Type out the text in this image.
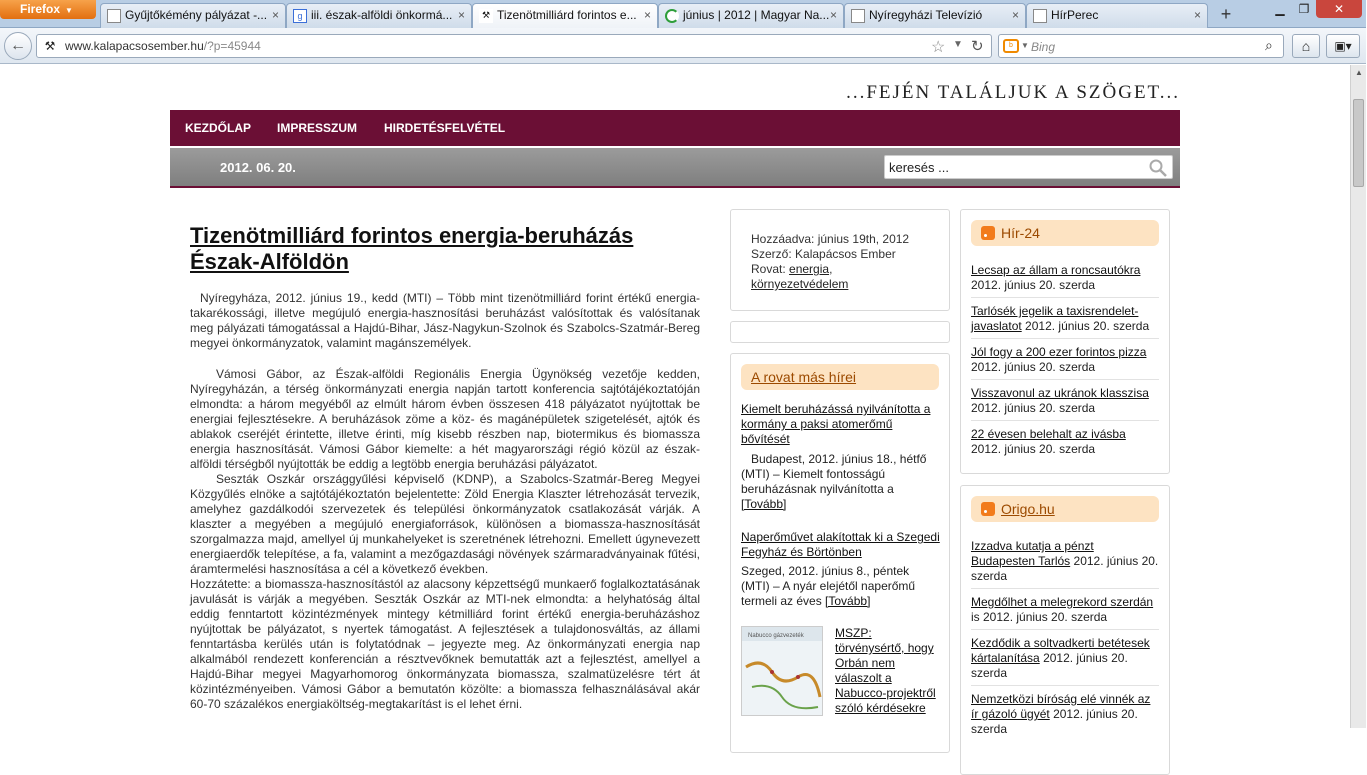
Firefox ▼	Gyűjtőkémény pályázat -... ×	g iii. észak-alföldi önkormá... ×	⚒ Tizenötmilliárd forintos e... ×	június | 2012 | Magyar Na... ×	Nyíregyházi Televízió ×	HírPerec	×	+	▁	❐	✕
←	⚒ www.kalapacsosember.hu/?p=45944	☆ ▼ ↻	b	▼ Bing	⌕	⌂	▣▾
...FEJÉN TALÁLJUK A SZÖGET...
KEZDŐLAP IMPRESSZUM HIRDETÉSFELVÉTEL
2012. 06. 20.	keresés ...
Tizenötmilliárd forintos energia-beruházás Észak-Alföldön

Nyíregyháza, 2012. június 19., kedd (MTI) – Több mint tizenötmilliárd forint értékű energia-takarékossági, illetve megújuló energia-hasznosítási beruházást valósítottak és valósítanak meg pályázati támogatással a Hajdú-Bihar, Jász-Nagykun-Szolnok és Szabolcs-Szatmár-Bereg megyei önkormányzatok, valamint magánszemélyek.

Vámosi Gábor, az Észak-alföldi Regionális Energia Ügynökség vezetője kedden, Nyíregyházán, a térség önkormányzati energia napján tartott konferencia sajtótájékoztatóján elmondta: a három megyéből az elmúlt három évben összesen 418 pályázatot nyújtottak be energiai fejlesztésekre. A beruházások zöme a köz- és magánépületek szigetelését, ajtók és ablakok cseréjét érintette, illetve érinti, míg kisebb részben nap, biotermikus és biomassza energia hasznosítását. Vámosi Gábor kiemelte: a hét magyarországi régió közül az észak-alföldi térségből nyújtották be eddig a legtöbb energia beruházási pályázatot.

Seszták Oszkár országgyűlési képviselő (KDNP), a Szabolcs-Szatmár-Bereg Megyei Közgyűlés elnöke a sajtótájékoztatón bejelentette: Zöld Energia Klaszter létrehozását tervezik, amelyhez gazdálkodói szervezetek és települési önkormányzatok csatlakozását várják. A klaszter a megyében a megújuló energiaforrások, különösen a biomassza-hasznosítását szorgalmazza majd, amellyel új munkahelyeket is szeretnének létrehozni. Emellett úgynevezett energiaerdők telepítése, a fa, valamint a mezőgazdasági növények szármaradványainak fűtési, áramtermelési hasznosítása a cél a következő években.

Hozzátette: a biomassza-hasznosítástól az alacsony képzettségű munkaerő foglalkoztatásának javulását is várják a megyében. Seszták Oszkár az MTI-nek elmondta: a helyhatóság által eddig fenntartott közintézmények mintegy kétmilliárd forint értékű energia-beruházáshoz nyújtottak be pályázatot, s nyertek támogatást. A fejlesztések a tulajdonosváltás, az állami fenntartásba kerülés után is folytatódnak – jegyezte meg. Az önkormányzati energia nap alkalmából rendezett konferencián a résztvevőknek bemutatták azt a fejlesztést, amellyel a Hajdú-Bihar megyei Magyarhomorog önkormányzata biomassza, szalmatüzelésre tért át közintézményeiben. Vámosi Gábor a bemutatón közölte: a biomassza felhasználásával akár 60-70 százalékos energiaköltség-megtakarítást is el lehet érni.

Hozzáadva: június 19th, 2012
Szerző: Kalapácsos Ember
Rovat: energia,
környezetvédelem
A rovat más hírei
Kiemelt beruházássá nyilvánította a kormány a paksi atomerőmű bővítését
Budapest, 2012. június 18., hétfő (MTI) – Kiemelt fontosságú beruházásnak nyilvánította a [Tovább]
Naperőművet alakítottak ki a Szegedi Fegyház és Börtönben
Szeged, 2012. június 8., péntek (MTI) – A nyár elejétől naperőmű termeli az éves [Tovább]
Nabucco gázvezeték	MSZP: törvénysértő, hogy Orbán nem válaszolt a Nabucco-projektről szóló kérdésekre
Hír-24
Lecsap az állam a roncsautókra
2012. június 20. szerda
Tarlósék jegelik a taxisrendelet-javaslatot 2012. június 20. szerda
Jól fogy a 200 ezer forintos pizza
2012. június 20. szerda
Visszavonul az ukránok klasszisa
2012. június 20. szerda
22 évesen belehalt az ivásba
2012. június 20. szerda
Origo.hu
Izzadva kutatja a pénzt Budapesten Tarlós 2012. június 20. szerda
Megdőlhet a melegrekord szerdán is 2012. június 20. szerda
Kezdődik a soltvadkerti betétesek kártalanítása 2012. június 20. szerda
Nemzetközi bíróság elé vinnék az ír gázoló ügyét 2012. június 20. szerda
▲
